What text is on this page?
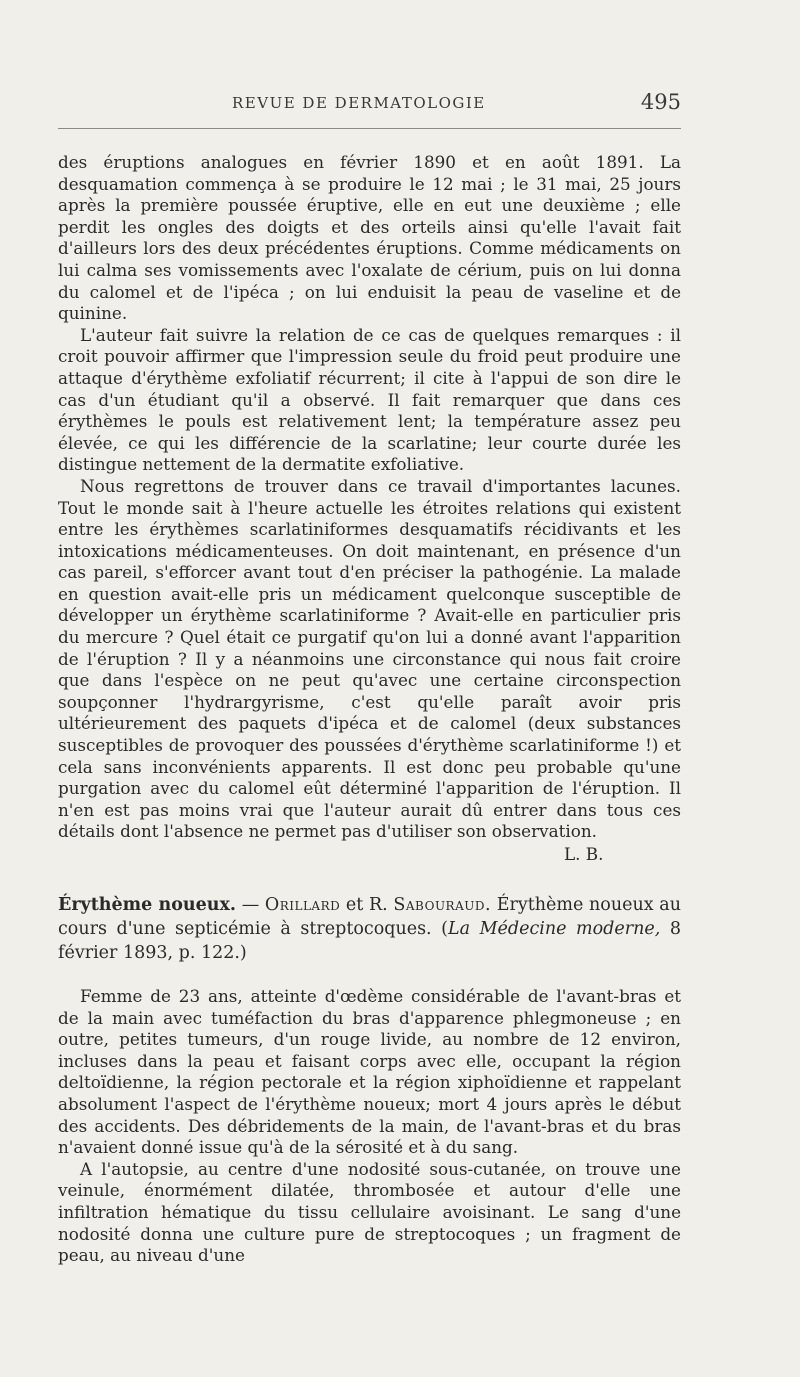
REVUE DE DERMATOLOGIE	495

des éruptions analogues en février 1890 et en août 1891. La desquamation commença à se produire le 12 mai ; le 31 mai, 25 jours après la première poussée éruptive, elle en eut une deuxième ; elle perdit les ongles des doigts et des orteils ainsi qu'elle l'avait fait d'ailleurs lors des deux précédentes éruptions. Comme médicaments on lui calma ses vomissements avec l'oxalate de cérium, puis on lui donna du calomel et de l'ipéca ; on lui enduisit la peau de vaseline et de quinine.

L'auteur fait suivre la relation de ce cas de quelques remarques : il croit pouvoir affirmer que l'impression seule du froid peut produire une attaque d'érythème exfoliatif récurrent; il cite à l'appui de son dire le cas d'un étudiant qu'il a observé. Il fait remarquer que dans ces érythèmes le pouls est relativement lent; la température assez peu élevée, ce qui les différencie de la scarlatine; leur courte durée les distingue nettement de la dermatite exfoliative.

Nous regrettons de trouver dans ce travail d'importantes lacunes. Tout le monde sait à l'heure actuelle les étroites relations qui existent entre les érythèmes scarlatiniformes desquamatifs récidivants et les intoxications médicamenteuses. On doit maintenant, en présence d'un cas pareil, s'efforcer avant tout d'en préciser la pathogénie. La malade en question avait-elle pris un médicament quelconque susceptible de développer un érythème scarlatiniforme ? Avait-elle en particulier pris du mercure ? Quel était ce purgatif qu'on lui a donné avant l'apparition de l'éruption ? Il y a néanmoins une circonstance qui nous fait croire que dans l'espèce on ne peut qu'avec une certaine circonspection soupçonner l'hydrargyrisme, c'est qu'elle paraît avoir pris ultérieurement des paquets d'ipéca et de calomel (deux substances susceptibles de provoquer des poussées d'érythème scarlatiniforme !) et cela sans inconvénients apparents. Il est donc peu probable qu'une purgation avec du calomel eût déterminé l'apparition de l'éruption. Il n'en est pas moins vrai que l'auteur aurait dû entrer dans tous ces détails dont l'absence ne permet pas d'utiliser son observation.

L. B.
Érythème noueux. — Orillard et R. Sabouraud. Érythème noueux au cours d'une septicémie à streptocoques. (La Médecine moderne, 8 février 1893, p. 122.)

Femme de 23 ans, atteinte d'œdème considérable de l'avant-bras et de la main avec tuméfaction du bras d'apparence phlegmoneuse ; en outre, petites tumeurs, d'un rouge livide, au nombre de 12 environ, incluses dans la peau et faisant corps avec elle, occupant la région deltoïdienne, la région pectorale et la région xiphoïdienne et rappelant absolument l'aspect de l'érythème noueux; mort 4 jours après le début des accidents. Des débridements de la main, de l'avant-bras et du bras n'avaient donné issue qu'à de la sérosité et à du sang.

A l'autopsie, au centre d'une nodosité sous-cutanée, on trouve une veinule, énormément dilatée, thrombosée et autour d'elle une infiltration hématique du tissu cellulaire avoisinant. Le sang d'une nodosité donna une culture pure de streptocoques ; un fragment de peau, au niveau d'une
